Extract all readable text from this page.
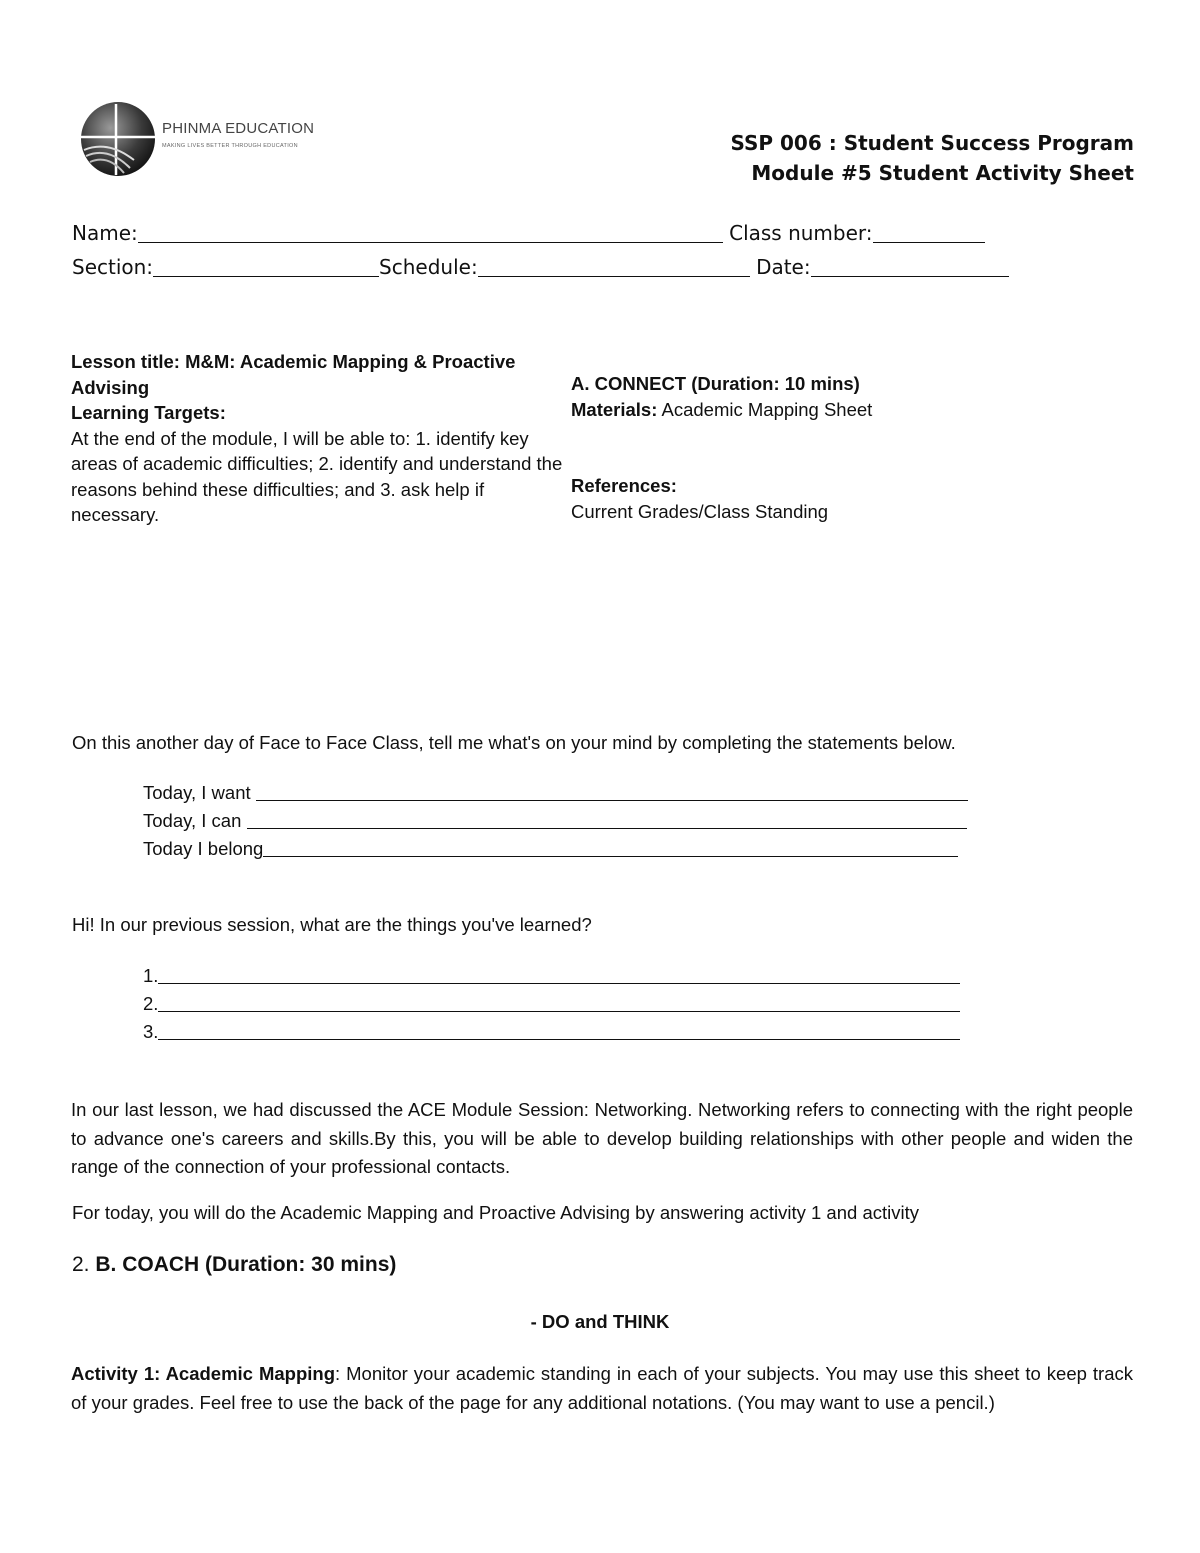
PHINMA EDUCATION
MAKING LIVES BETTER THROUGH EDUCATION	SSP 006 : Student Success Program
Module #5 Student Activity Sheet
Name:	Class number:
Section:	Schedule:	Date:
Lesson title: M&M: Academic Mapping & Proactive Advising
Learning Targets:
At the end of the module, I will be able to: 1. identify key areas of academic difficulties; 2. identify and understand the reasons behind these difficulties; and 3. ask help if necessary.
A. CONNECT (Duration: 10 mins)
Materials: Academic Mapping Sheet
References:
Current Grades/Class Standing
On this another day of Face to Face Class, tell me what's on your mind by completing the statements below.
Today, I want
Today, I can
Today I belong
Hi! In our previous session, what are the things you've learned?
1.
2.
3.
In our last lesson, we had discussed the ACE Module Session: Networking. Networking refers to connecting with the right people to advance one's careers and skills.By this, you will be able to develop building relationships with other people and widen the range of the connection of your professional contacts.
For today, you will do the Academic Mapping and Proactive Advising by answering activity 1 and activity
2. B. COACH (Duration: 30 mins)
- DO and THINK
Activity 1: Academic Mapping: Monitor your academic standing in each of your subjects. You may use this sheet to keep track of your grades. Feel free to use the back of the page for any additional notations. (You may want to use a pencil.)
